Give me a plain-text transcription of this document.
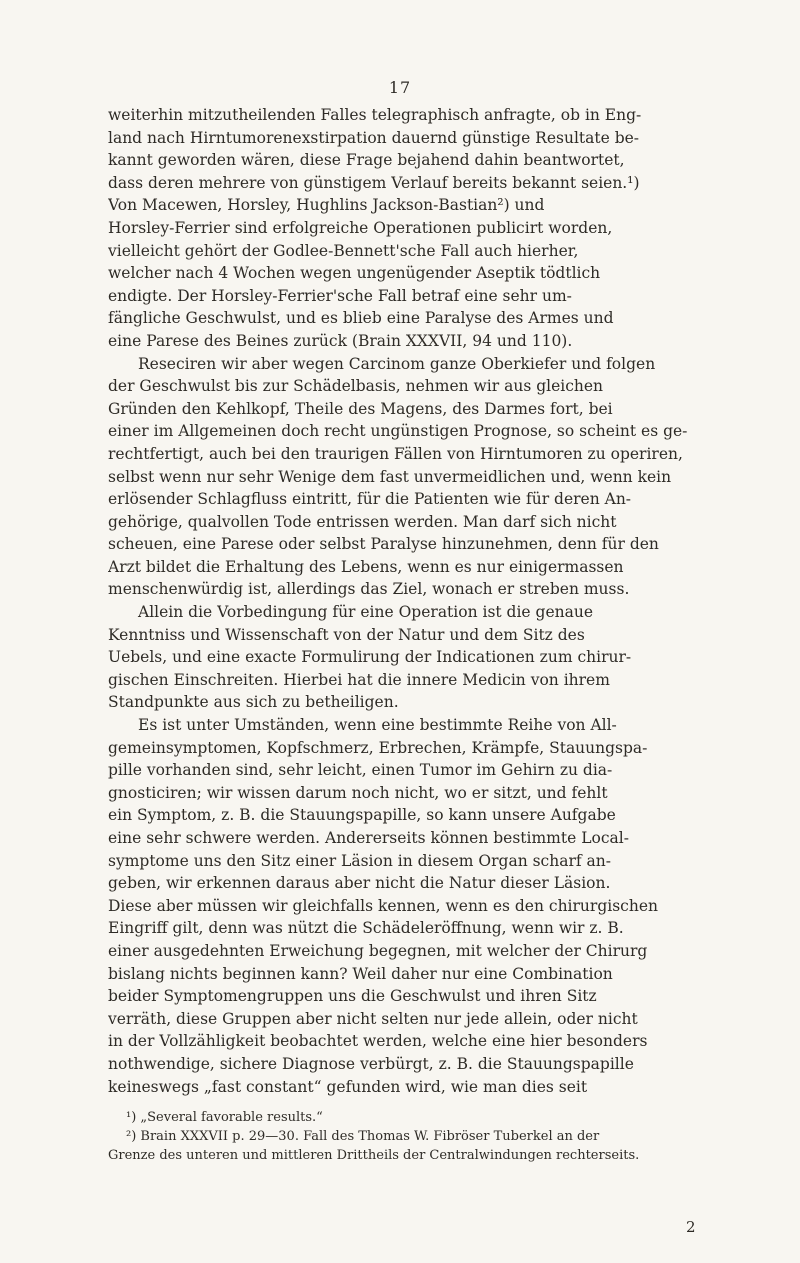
17
weiterhin mitzutheilenden Falles telegraphisch anfragte, ob in Eng-
land nach Hirntumorenexstirpation dauernd günstige Resultate be-
kannt geworden wären, diese Frage bejahend dahin beantwortet,
dass deren mehrere von günstigem Verlauf bereits bekannt seien.¹)
Von Macewen, Horsley, Hughlins Jackson-Bastian²) und
Horsley-Ferrier sind erfolgreiche Operationen publicirt worden,
vielleicht gehört der Godlee-Bennett'sche Fall auch hierher,
welcher nach 4 Wochen wegen ungenügender Aseptik tödtlich
endigte. Der Horsley-Ferrier'sche Fall betraf eine sehr um-
fängliche Geschwulst, und es blieb eine Paralyse des Armes und
eine Parese des Beines zurück (Brain XXXVII, 94 und 110).
Reseciren wir aber wegen Carcinom ganze Oberkiefer und folgen
der Geschwulst bis zur Schädelbasis, nehmen wir aus gleichen
Gründen den Kehlkopf, Theile des Magens, des Darmes fort, bei
einer im Allgemeinen doch recht ungünstigen Prognose, so scheint es ge-
rechtfertigt, auch bei den traurigen Fällen von Hirntumoren zu operiren,
selbst wenn nur sehr Wenige dem fast unvermeidlichen und, wenn kein
erlösender Schlagfluss eintritt, für die Patienten wie für deren An-
gehörige, qualvollen Tode entrissen werden. Man darf sich nicht
scheuen, eine Parese oder selbst Paralyse hinzunehmen, denn für den
Arzt bildet die Erhaltung des Lebens, wenn es nur einigermassen
menschenwürdig ist, allerdings das Ziel, wonach er streben muss.
Allein die Vorbedingung für eine Operation ist die genaue
Kenntniss und Wissenschaft von der Natur und dem Sitz des
Uebels, und eine exacte Formulirung der Indicationen zum chirur-
gischen Einschreiten. Hierbei hat die innere Medicin von ihrem
Standpunkte aus sich zu betheiligen.
Es ist unter Umständen, wenn eine bestimmte Reihe von All-
gemeinsymptomen, Kopfschmerz, Erbrechen, Krämpfe, Stauungspa-
pille vorhanden sind, sehr leicht, einen Tumor im Gehirn zu dia-
gnosticiren; wir wissen darum noch nicht, wo er sitzt, und fehlt
ein Symptom, z. B. die Stauungspapille, so kann unsere Aufgabe
eine sehr schwere werden. Andererseits können bestimmte Local-
symptome uns den Sitz einer Läsion in diesem Organ scharf an-
geben, wir erkennen daraus aber nicht die Natur dieser Läsion.
Diese aber müssen wir gleichfalls kennen, wenn es den chirurgischen
Eingriff gilt, denn was nützt die Schädeleröffnung, wenn wir z. B.
einer ausgedehnten Erweichung begegnen, mit welcher der Chirurg
bislang nichts beginnen kann? Weil daher nur eine Combination
beider Symptomengruppen uns die Geschwulst und ihren Sitz
verräth, diese Gruppen aber nicht selten nur jede allein, oder nicht
in der Vollzähligkeit beobachtet werden, welche eine hier besonders
nothwendige, sichere Diagnose verbürgt, z. B. die Stauungspapille
keineswegs „fast constant“ gefunden wird, wie man dies seit
¹) „Several favorable results.“
²) Brain XXXVII p. 29—30. Fall des Thomas W. Fibröser Tuberkel an der
Grenze des unteren und mittleren Drittheils der Centralwindungen rechterseits.
2
